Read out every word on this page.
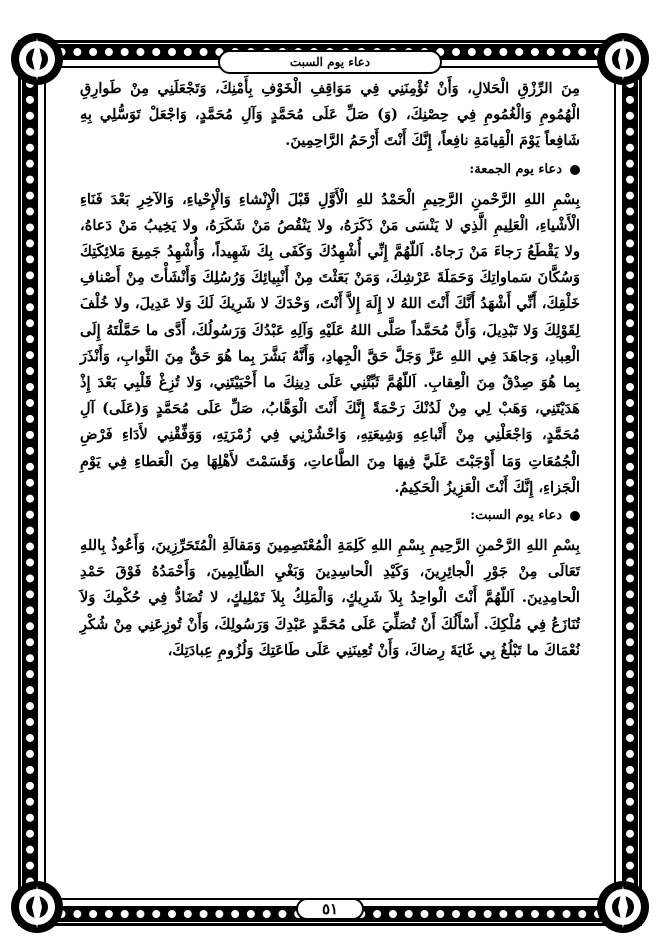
دعاء يوم السبت

مِنَ الرِّزْقِ الْحَلالِ، وَأَنْ تُؤْمِنَنِي فِي مَوَاقِفِ الْخَوْفِ بِأَمْنِكَ، وَتَجْعَلَنِي مِنْ طَوارِقِ الْهُمُومِ وَالْغُمُومِ فِي حِصْنِكَ، (وَ) صَلِّ عَلَى مُحَمَّدٍ وَآلِ مُحَمَّدٍ، وَاجْعَلْ تَوَسُّلِي بِهِ شَافِعاً يَوْمَ الْقِيامَةِ نافِعاً، إِنَّكَ أَنْتَ أَرْحَمُ الرَّاحِمِينَ.

دعاء يوم الجمعة:

بِسْمِ اللهِ الرَّحْمنِ الرَّحِيمِ الْحَمْدُ للهِ الْأَوَّلِ قَبْلَ الْإِنْشاءِ وَالْإِحْياءِ، وَالآخِرِ بَعْدَ فَنَاءِ الْأَشْياءِ، الْعَلِيمِ الَّذِي لا يَنْسَى مَنْ ذَكَرَهُ، ولا يَنْقُصُ مَنْ شَكَرَهُ، ولا يَخِيبُ مَنْ دَعاهُ، ولا يَقْطَعُ رَجاءَ مَنْ رَجاهُ. اَللّهُمَّ إِنِّي أُشْهِدُكَ وَكَفَى بِكَ شَهِيداً، وَأُشْهِدُ جَمِيعَ مَلائِكَتِكَ وَسُكَّانَ سَماواتِكَ وَحَمَلَةَ عَرْشِكَ، وَمَنْ بَعَثْتَ مِنْ أَنْبِيائِكَ وَرُسُلِكَ وَأَنْشَأْتَ مِنْ أَصْنافِ خَلْقِكَ، أَنِّي أَشْهَدُ أَنَّكَ أَنْتَ اللهُ لا إِلَهَ إِلاَّ أَنْتَ، وَحْدَكَ لا شَرِيكَ لَكَ وَلا عَدِيلَ، ولا خُلْفَ لِقَوْلِكَ وَلا تَبْدِيلَ، وَأَنَّ مُحَمَّداً صَلَّى اللهُ عَلَيْهِ وَآلِهِ عَبْدُكَ وَرَسُولُكَ، أَدَّى ما حَمَّلْتَهُ إِلَى الْعِبادِ، وَجاهَدَ فِي اللهِ عَزَّ وَجَلَّ حَقَّ الْجِهادِ، وَأَنَّهُ بَشَّرَ بِما هُوَ حَقٌّ مِنَ الثَّوابِ، وَأَنْذَرَ بِما هُوَ صِدْقٌ مِنَ الْعِقابِ. اَللّهُمَّ ثَبِّتْنِي عَلَى دِينِكَ ما أَحْيَيْتَنِي، وَلا تُزِغْ قَلْبِي بَعْدَ إِذْ هَدَيْتَنِي، وَهَبْ لِي مِنْ لَدُنْكَ رَحْمَةً إِنَّكَ أَنْتَ الْوَهَّابُ، صَلِّ عَلَى مُحَمَّدٍ وَ(عَلَى) آلِ مُحَمَّدٍ، وَاجْعَلْنِي مِنْ أَتْباعِهِ وَشِيعَتِهِ، وَاحْشُرْنِي فِي زُمْرَتِهِ، وَوَفِّقْنِي لأَدَاءِ فَرْضِ الْجُمُعَاتِ وَمَا أَوْجَبْتَ عَلَيَّ فِيهَا مِنَ الطَّاعاتِ، وَقَسَمْتَ لأَهْلِهَا مِنَ الْعَطاءِ فِي يَوْمِ الْجَزاءِ، إِنَّكَ أَنْتَ الْعَزِيزُ الْحَكِيمُ.

دعاء يوم السبت:

بِسْمِ اللهِ الرَّحْمنِ الرَّحِيمِ بِسْمِ اللهِ كَلِمَةِ الْمُعْتَصِمِينَ وَمَقالَةِ الْمُتَحَرِّزِينَ، وَأَعُوذُ بِاللهِ تَعَالَى مِنْ جَوْرِ الْجائِرِينَ، وَكَيْدِ الْحاسِدِينَ وَبَغْيِ الظّالِمِينَ، وَأَحْمَدُهُ فَوْقَ حَمْدِ الْحامِدِينَ. اَللّهُمَّ أَنْتَ الْواحِدُ بِلاَ شَرِيكٍ، وَالْمَلِكُ بِلاَ تَمْلِيكٍ، لا تُضَادُّ فِي حُكْمِكَ وَلاَ تُنَازَعُ فِي مُلْكِكَ. أَسْأَلُكَ أَنْ تُصَلِّيَ عَلَى مُحَمَّدٍ عَبْدِكَ وَرَسُولِكَ، وَأَنْ تُوزِعَنِي مِنْ شُكْرِ نُعْمَاكَ ما تَبْلُغُ بِي غَايَةَ رِضاكَ، وَأَنْ تُعِينَنِي عَلَى طَاعَتِكَ وَلُزُومِ عِبادَتِكَ،

٥١
